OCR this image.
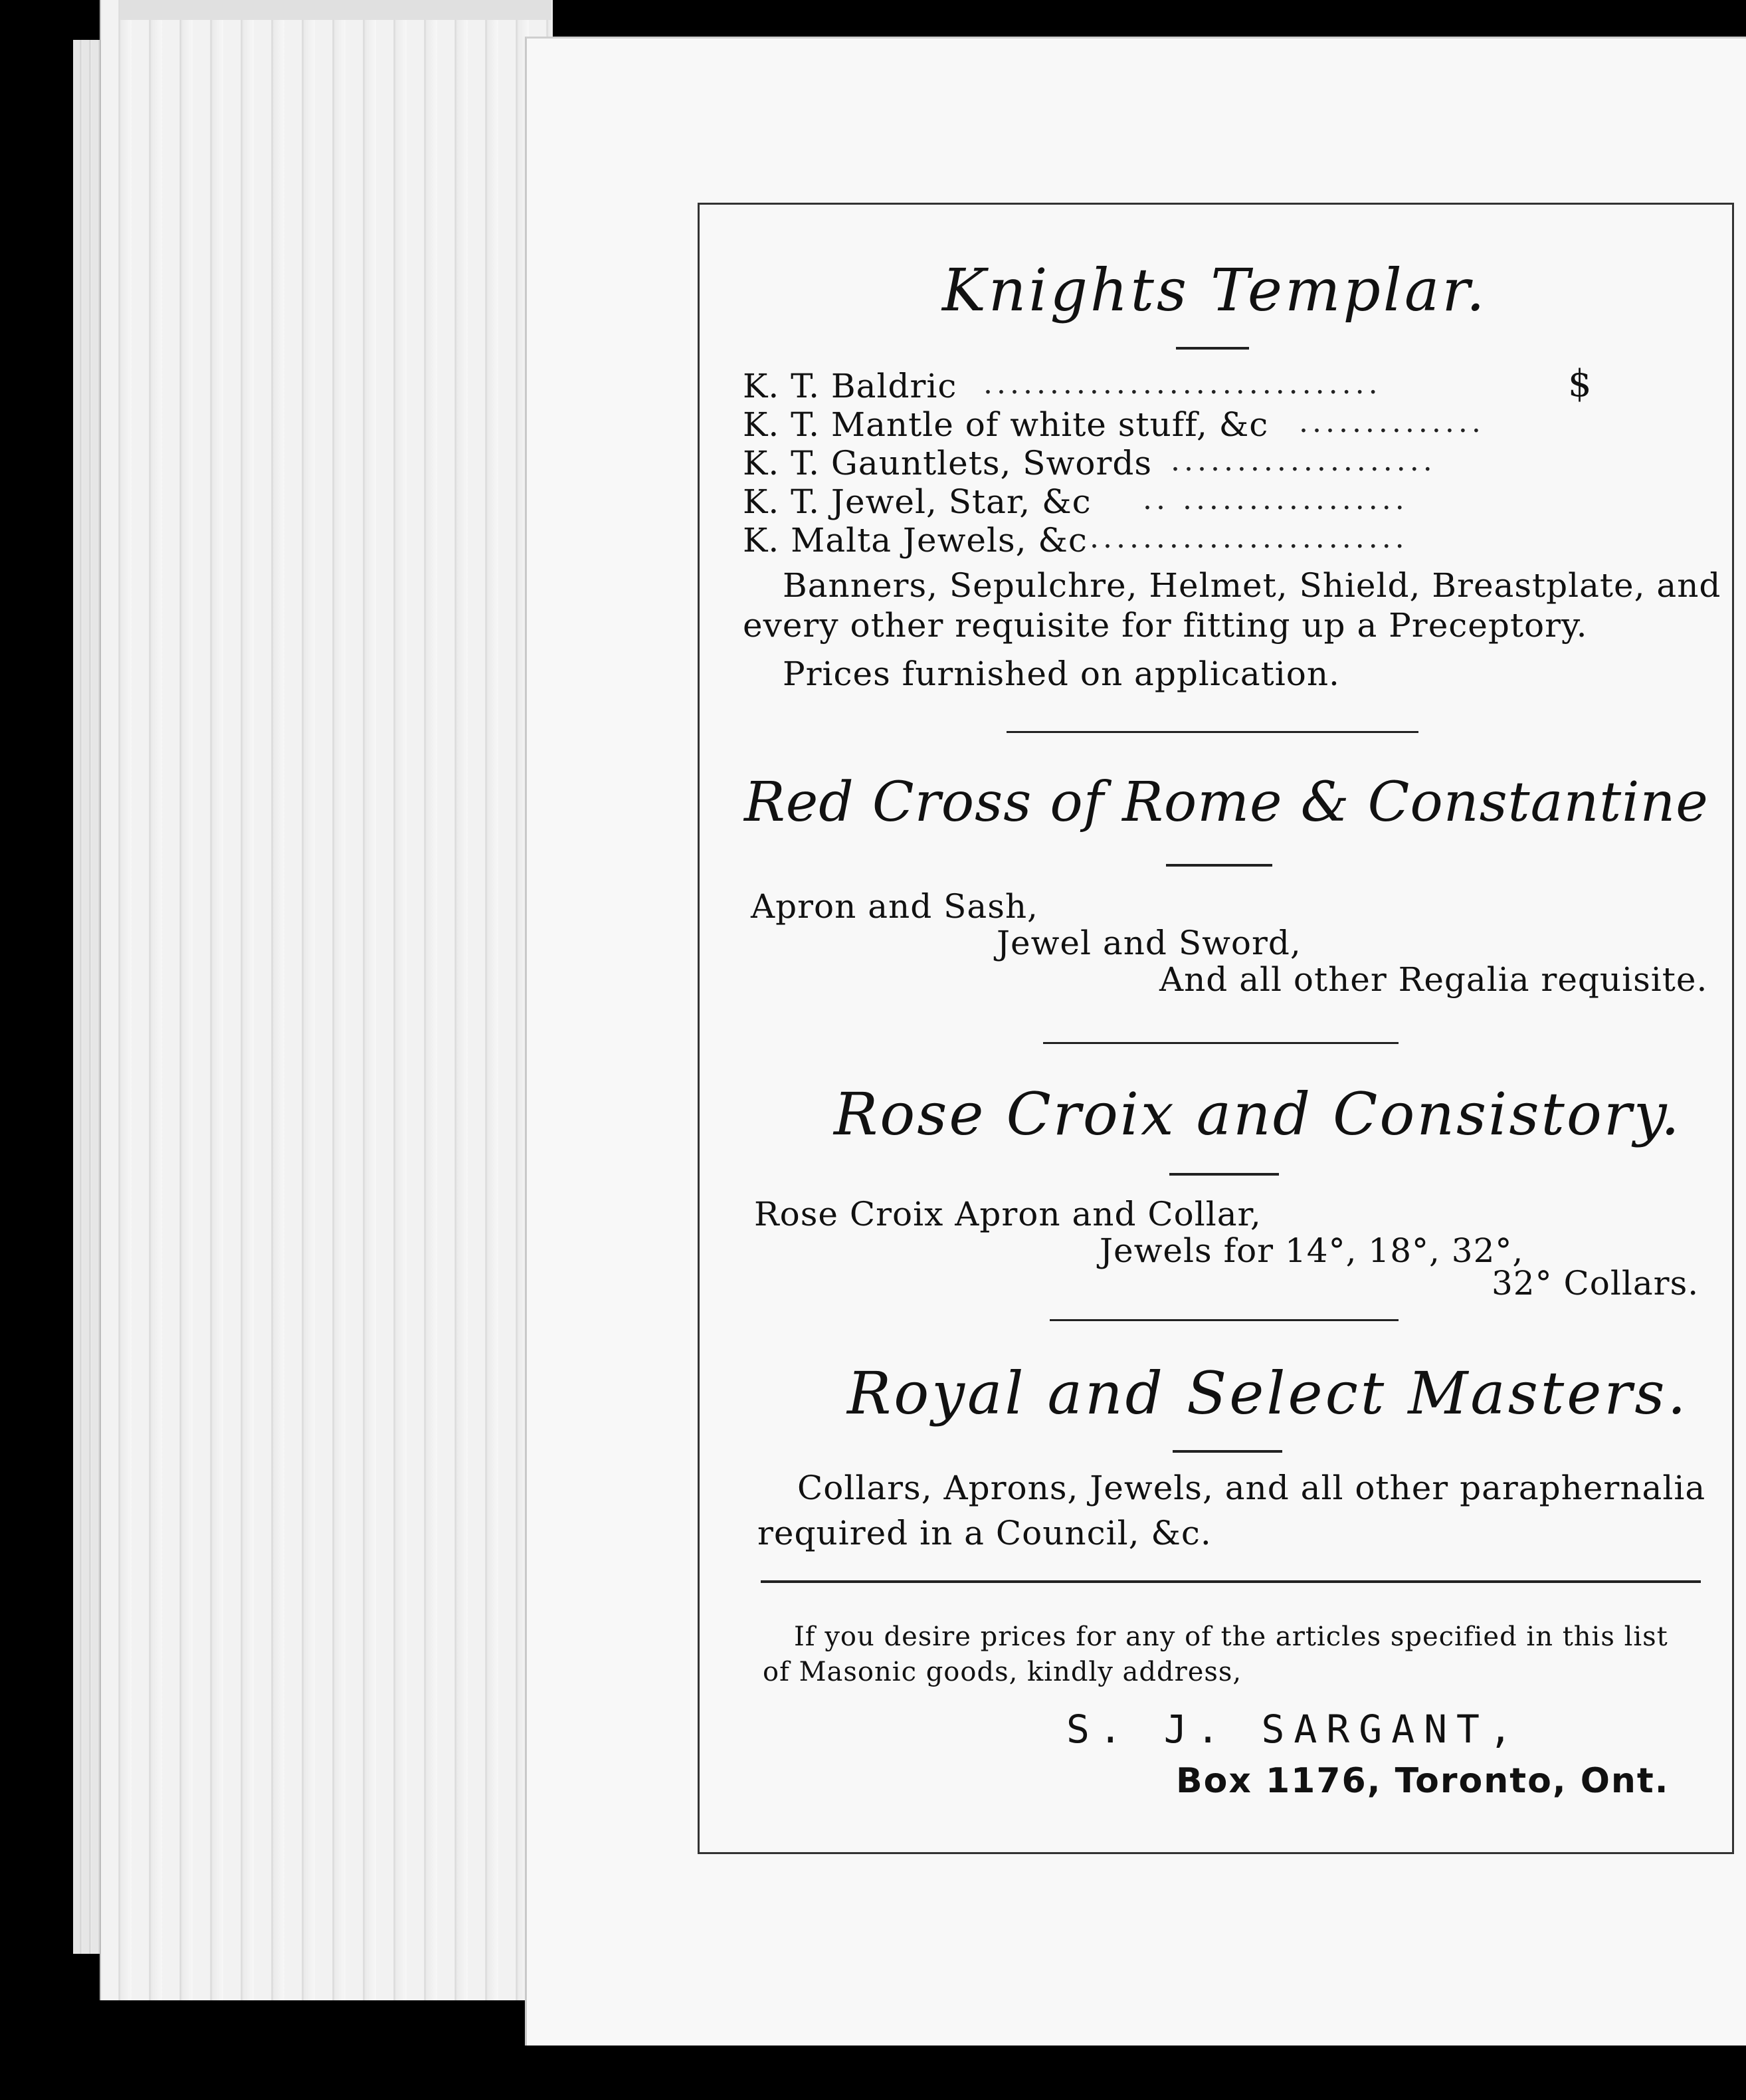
Knights Templar.
K. T. Baldric ..............................	$
K. T. Mantle of white stuff, &c ..............
K. T. Gauntlets, Swords ....................
K. T. Jewel, Star, &c .. .................
K. Malta Jewels, &c ........................
Banners, Sepulchre, Helmet, Shield, Breastplate, and
every other requisite for fitting up a Preceptory.
Prices furnished on application.
Red Cross of Rome & Constantine
Apron and Sash,
Jewel and Sword,
And all other Regalia requisite.
Rose Croix and Consistory.
Rose Croix Apron and Collar,
Jewels for 14°, 18°, 32°,
32° Collars.
Royal and Select Masters.
Collars, Aprons, Jewels, and all other paraphernalia
required in a Council, &c.
If you desire prices for any of the articles specified in this list
of Masonic goods, kindly address,
S. J. SARGANT,
Box 1176, Toronto, Ont.
